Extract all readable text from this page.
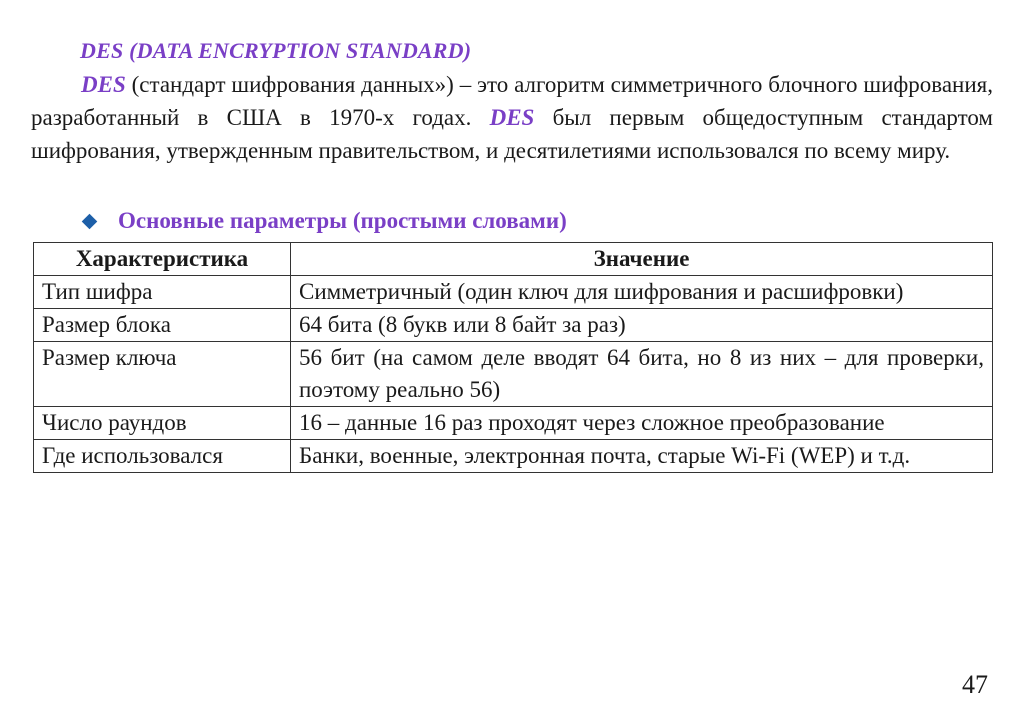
DES (DATA ENCRYPTION STANDARD)
DES (стандарт шифрования данных») – это алгоритм симметричного блочного шифрования, разработанный в США в 1970-х годах. DES был первым общедоступным стандартом шифрования, утвержденным правительством, и десятилетиями использовался по всему миру.
Основные параметры (простыми словами)
Характеристика	Значение
Тип шифра	Симметричный (один ключ для шифрования и расшифровки)
Размер блока	64 бита (8 букв или 8 байт за раз)
Размер ключа	56 бит (на самом деле вводят 64 бита, но 8 из них – для проверки, поэтому реально 56)
Число раундов	16 – данные 16 раз проходят через сложное преобразование
Где использовался	Банки, военные, электронная почта, старые Wi-Fi (WEP) и т.д.
47
